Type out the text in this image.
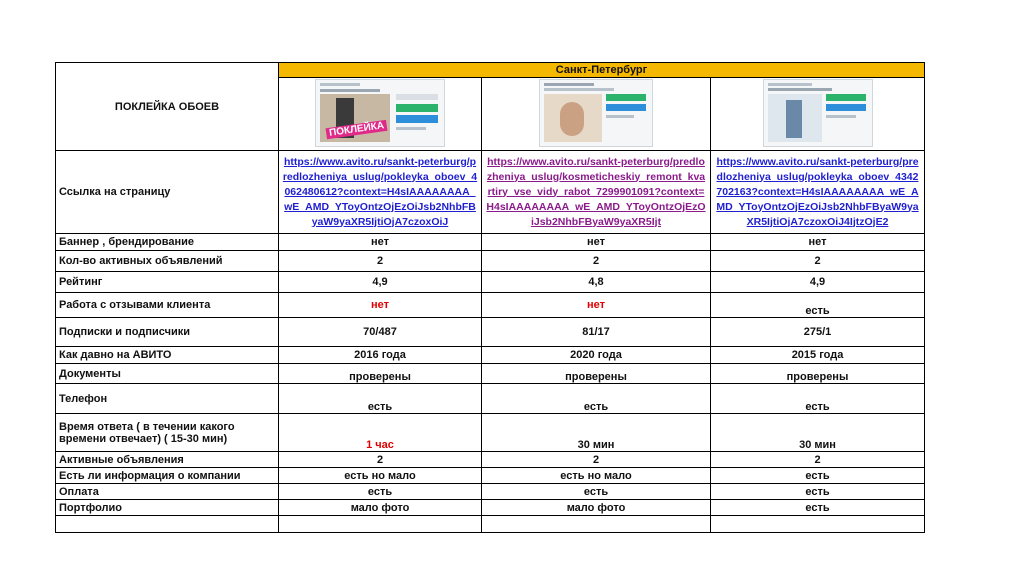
ПОКЛЕЙКА ОБОЕВ	Санкт-Петербург		

	ПОКЛЕЙКА		

Ссылка на страницу	https://www.avito.ru/sankt-peterburg/predlozheniya_uslug/pokleyka_oboev_4062480612?context=H4sIAAAAAAAA_wE_AMD_YToyOntzOjEzOiJsb2NhbFByaW9yaXR5IjtiOjA7czoxOiJ	https://www.avito.ru/sankt-peterburg/predlozheniya_uslug/kosmeticheskiy_remont_kvartiry_vse_vidy_rabot_7299901091?context=H4sIAAAAAAAA_wE_AMD_YToyOntzOjEzOiJsb2NhbFByaW9yaXR5Ijt	https://www.avito.ru/sankt-peterburg/predlozheniya_uslug/pokleyka_oboev_4342702163?context=H4sIAAAAAAAA_wE_AMD_YToyOntzOjEzOiJsb2NhbFByaW9yaXR5IjtiOjA7czoxOiJ4IjtzOjE2
Баннер , брендирование	нет	нет	нет
Кол-во активных объявлений	2	2	2
Рейтинг	4,9	4,8	4,9
Работа с отзывами клиента	нет	нет	есть
Подписки и подписчики	70/487	81/17	275/1
Как давно на АВИТО	2016 года	2020 года	2015 года
Документы	проверены	проверены	проверены
Телефон	есть	есть	есть
Время ответа ( в течении какого времени отвечает) ( 15-30 мин)	1 час	30 мин	30 мин
Активные объявления	2	2	2
Есть ли информация о компании	есть но мало	есть но мало	есть
Оплата	есть	есть	есть
Портфолио	мало фото	мало фото	есть
